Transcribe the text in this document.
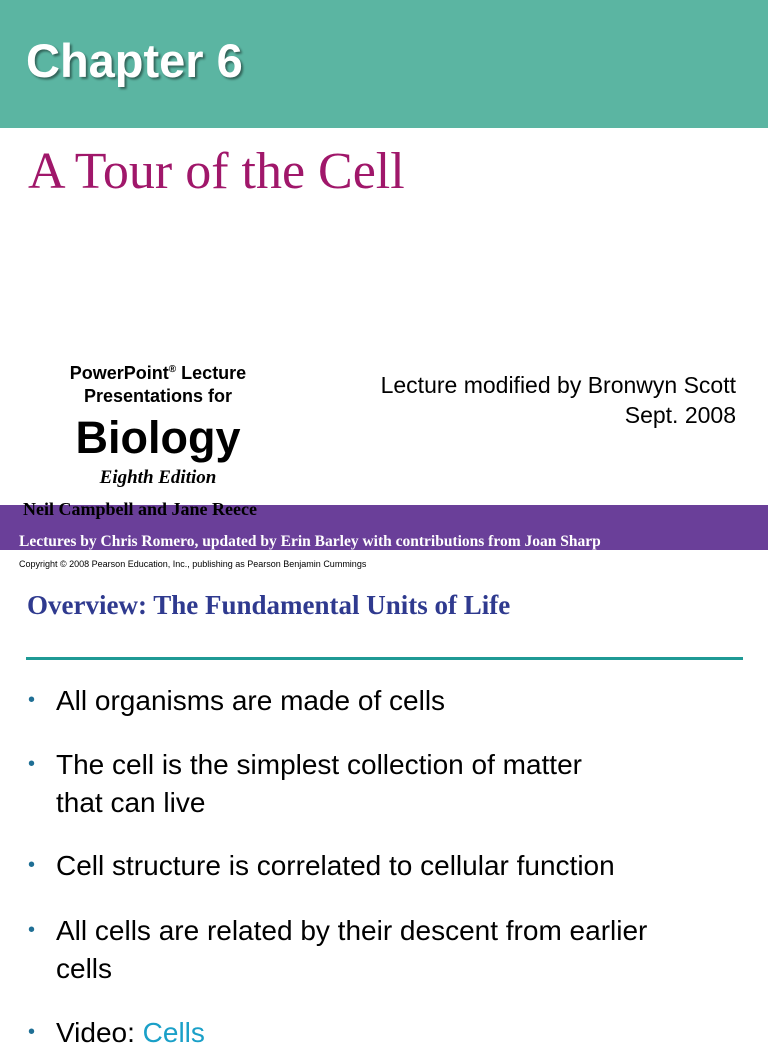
Chapter 6
A Tour of the Cell
PowerPoint® Lecture
Presentations for
Biology
Eighth Edition

Neil Campbell and Jane Reece

Lecture modified by Bronwyn Scott
Sept. 2008

Lectures by Chris Romero, updated by Erin Barley with contributions from Joan Sharp

Copyright © 2008 Pearson Education, Inc., publishing as Pearson Benjamin Cummings

Overview: The Fundamental Units of Life
• All organisms are made of cells
• The cell is the simplest collection of matter
that can live
• Cell structure is correlated to cellular function
• All cells are related by their descent from earlier
cells
• Video: Cells
